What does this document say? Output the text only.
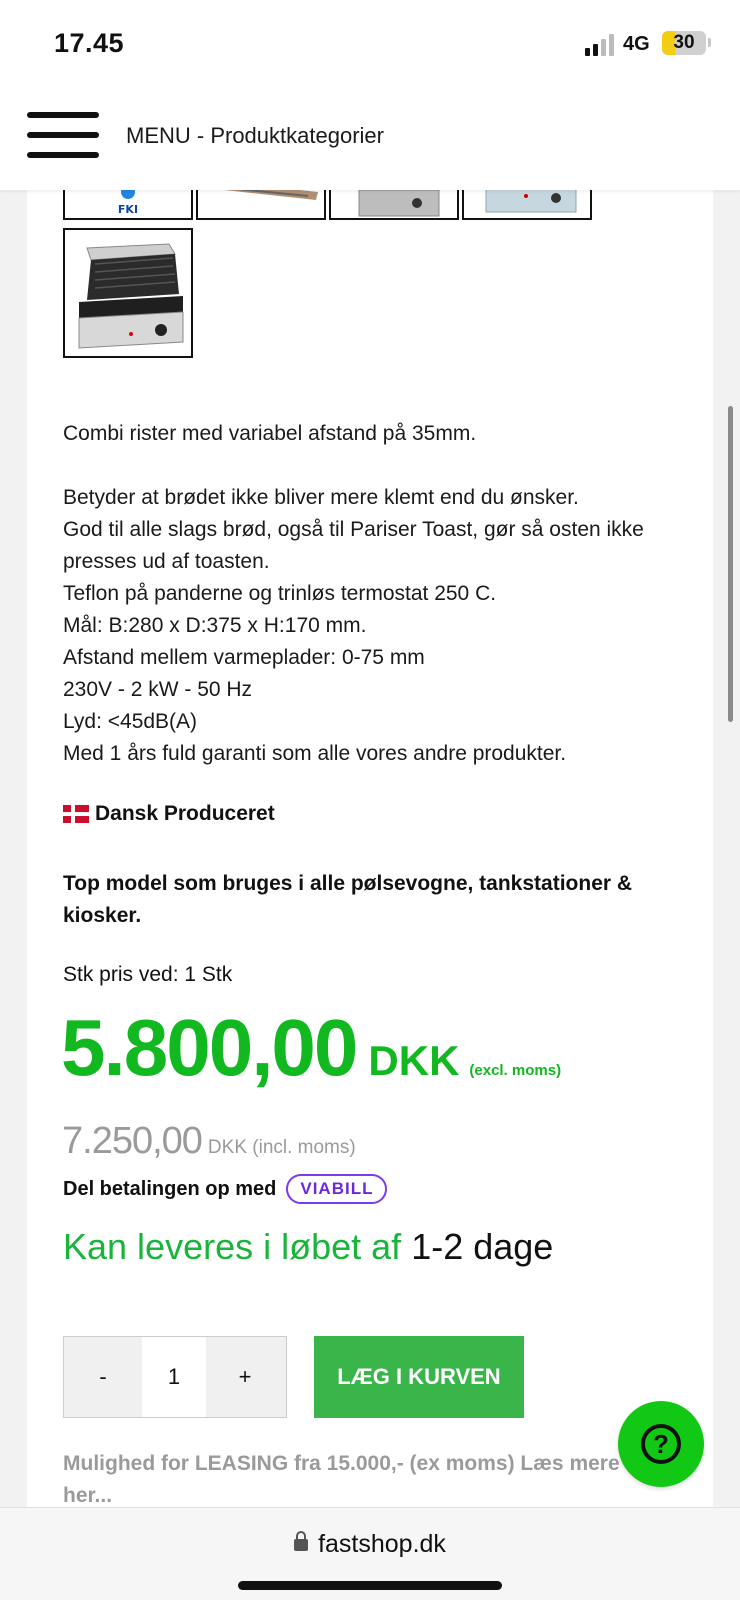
17.45	4G	30
MENU - Produktkategorier
FKI

Combi rister med variabel afstand på 35mm.

Betyder at brødet ikke bliver mere klemt end du ønsker.
God til alle slags brød, også til Pariser Toast, gør så osten ikke presses ud af toasten.
Teflon på panderne og trinløs termostat 250 C.
Mål: B:280 x D:375 x H:170 mm.
Afstand mellem varmeplader: 0-75 mm
230V - 2 kW - 50 Hz
Lyd: <45dB(A)
Med 1 års fuld garanti som alle vores andre produkter.
Dansk Produceret
Top model som bruges i alle pølsevogne, tankstationer & kiosker.
Stk pris ved: 1 Stk
5.800,00 DKK (excl. moms)
7.250,00 DKK (incl. moms)
Del betalingen op med	VIABILL
Kan leveres i løbet af 1-2 dage
-
1	+	LÆG I KURVEN
Mulighed for LEASING fra 15.000,- (ex moms) Læs mere her...
?
fastshop.dk
